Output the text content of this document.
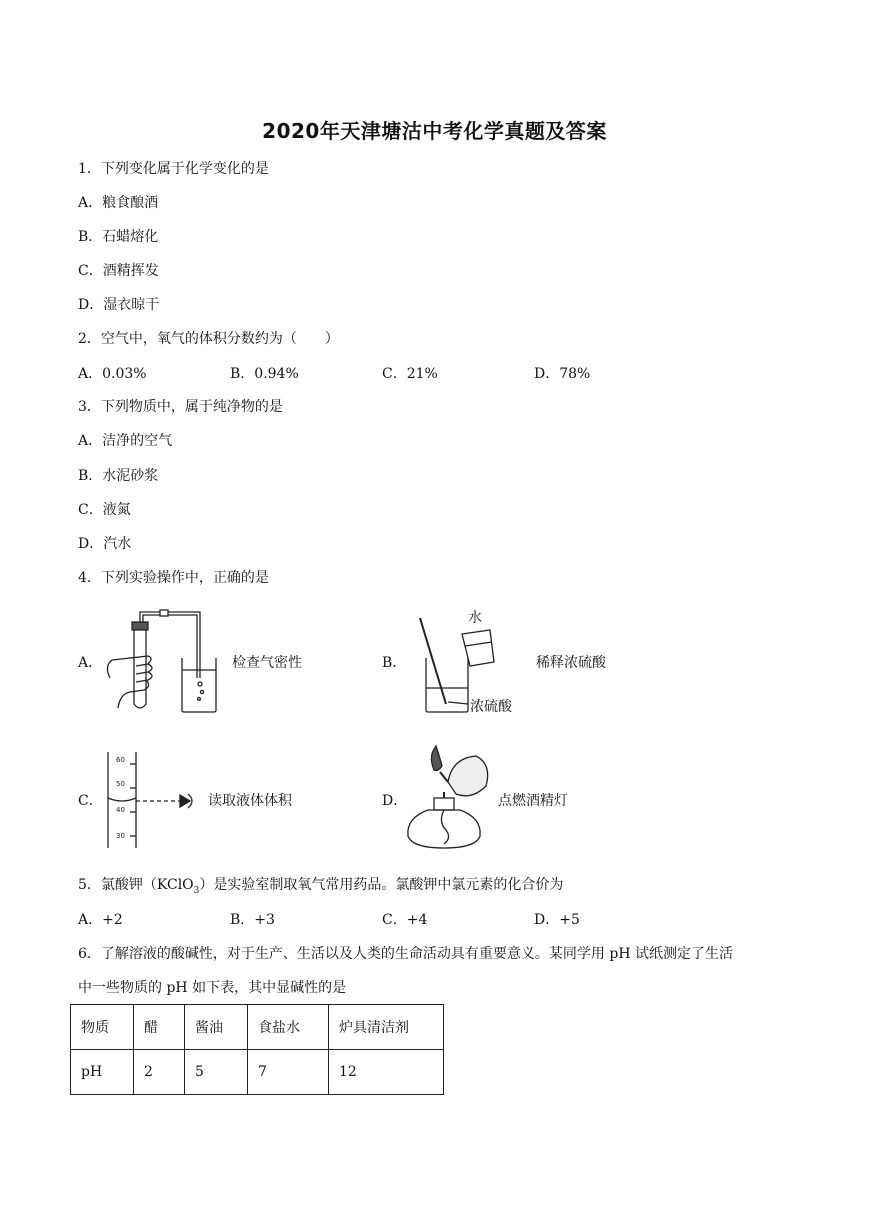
2020年天津塘沽中考化学真题及答案
1．下列变化属于化学变化的是
A．粮食酿酒
B．石蜡熔化
C．酒精挥发
D．湿衣晾干
2．空气中，氧气的体积分数约为（　　）
A．0.03%	B．0.94%	C．21%	D．78%
3．下列物质中，属于纯净物的是
A．洁净的空气
B．水泥砂浆
C．液氮
D．汽水
4．下列实验操作中，正确的是
A．	检查气密性	B．
水
浓硫酸
稀释浓硫酸
C．
60
50
40
30
读取液体体积	D．	点燃酒精灯
5．氯酸钾（KClO$_3$）是实验室制取氧气常用药品。氯酸钾中氯元素的化合价为
A．+2	B．+3	C．+4	D．+5
6．了解溶液的酸碱性，对于生产、生活以及人类的生命活动具有重要意义。某同学用 pH 试纸测定了生活
中一些物质的 pH 如下表，其中显碱性的是
物质	醋	酱油	食盐水	炉具清洁剂
pH	2	5	7	12
